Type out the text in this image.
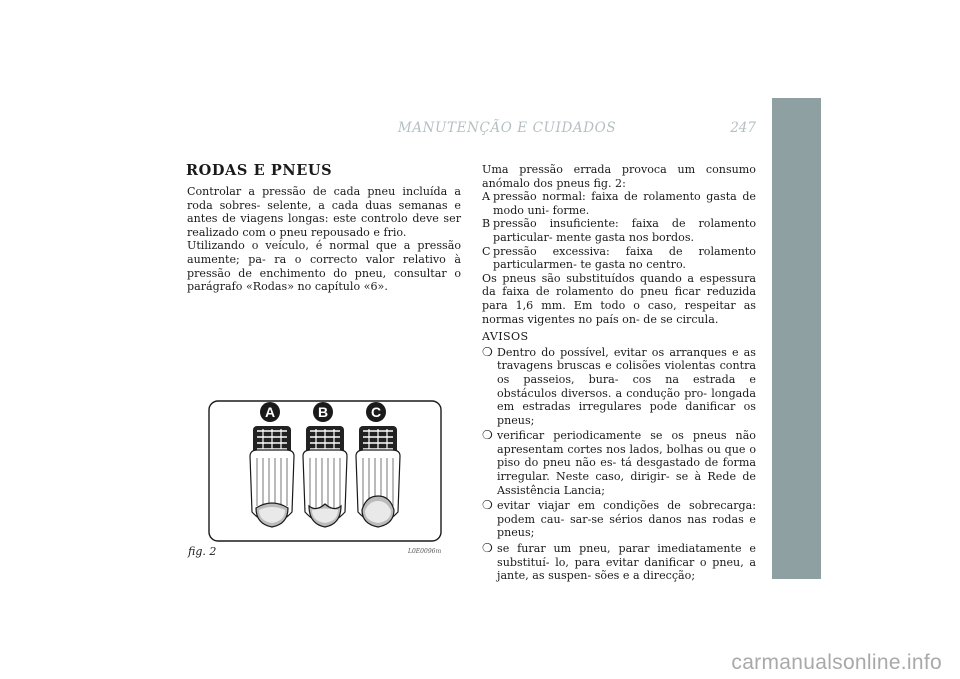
MANUTENÇÃO E CUIDADOS	247
RODAS E PNEUS

Controlar a pressão de cada pneu incluída a roda sobres- selente, a cada duas semanas e antes de viagens longas: este controlo deve ser realizado com o pneu repousado e frio.

Utilizando o veículo, é normal que a pressão aumente; pa- ra o correcto valor relativo à pressão de enchimento do pneu, consultar o parágrafo «Rodas» no capítulo «6».

Uma pressão errada provoca um consumo anómalo dos pneus fig. 2:

A pressão normal: faixa de rolamento gasta de modo uni- forme.
B pressão insuficiente: faixa de rolamento particular- mente gasta nos bordos.
C pressão excessiva: faixa de rolamento particularmen- te gasta no centro.

Os pneus são substituídos quando a espessura da faixa de rolamento do pneu ficar reduzida para 1,6 mm. Em todo o caso, respeitar as normas vigentes no país on- de se circula.

AVISOS

❍ Dentro do possível, evitar os arranques e as travagens bruscas e colisões violentas contra os passeios, bura- cos na estrada e obstáculos diversos. a condução pro- longada em estradas irregulares pode danificar os pneus;
❍ verificar periodicamente se os pneus não apresentam cortes nos lados, bolhas ou que o piso do pneu não es- tá desgastado de forma irregular. Neste caso, dirigir- se à Rede de Assistência Lancia;
❍ evitar viajar em condições de sobrecarga: podem cau- sar-se sérios danos nas rodas e pneus;
❍ se furar um pneu, parar imediatamente e substituí- lo, para evitar danificar o pneu, a jante, as suspen- sões e a direcção;
A	B	C
fig. 2	L0E0096m
carmanualsonline.info
